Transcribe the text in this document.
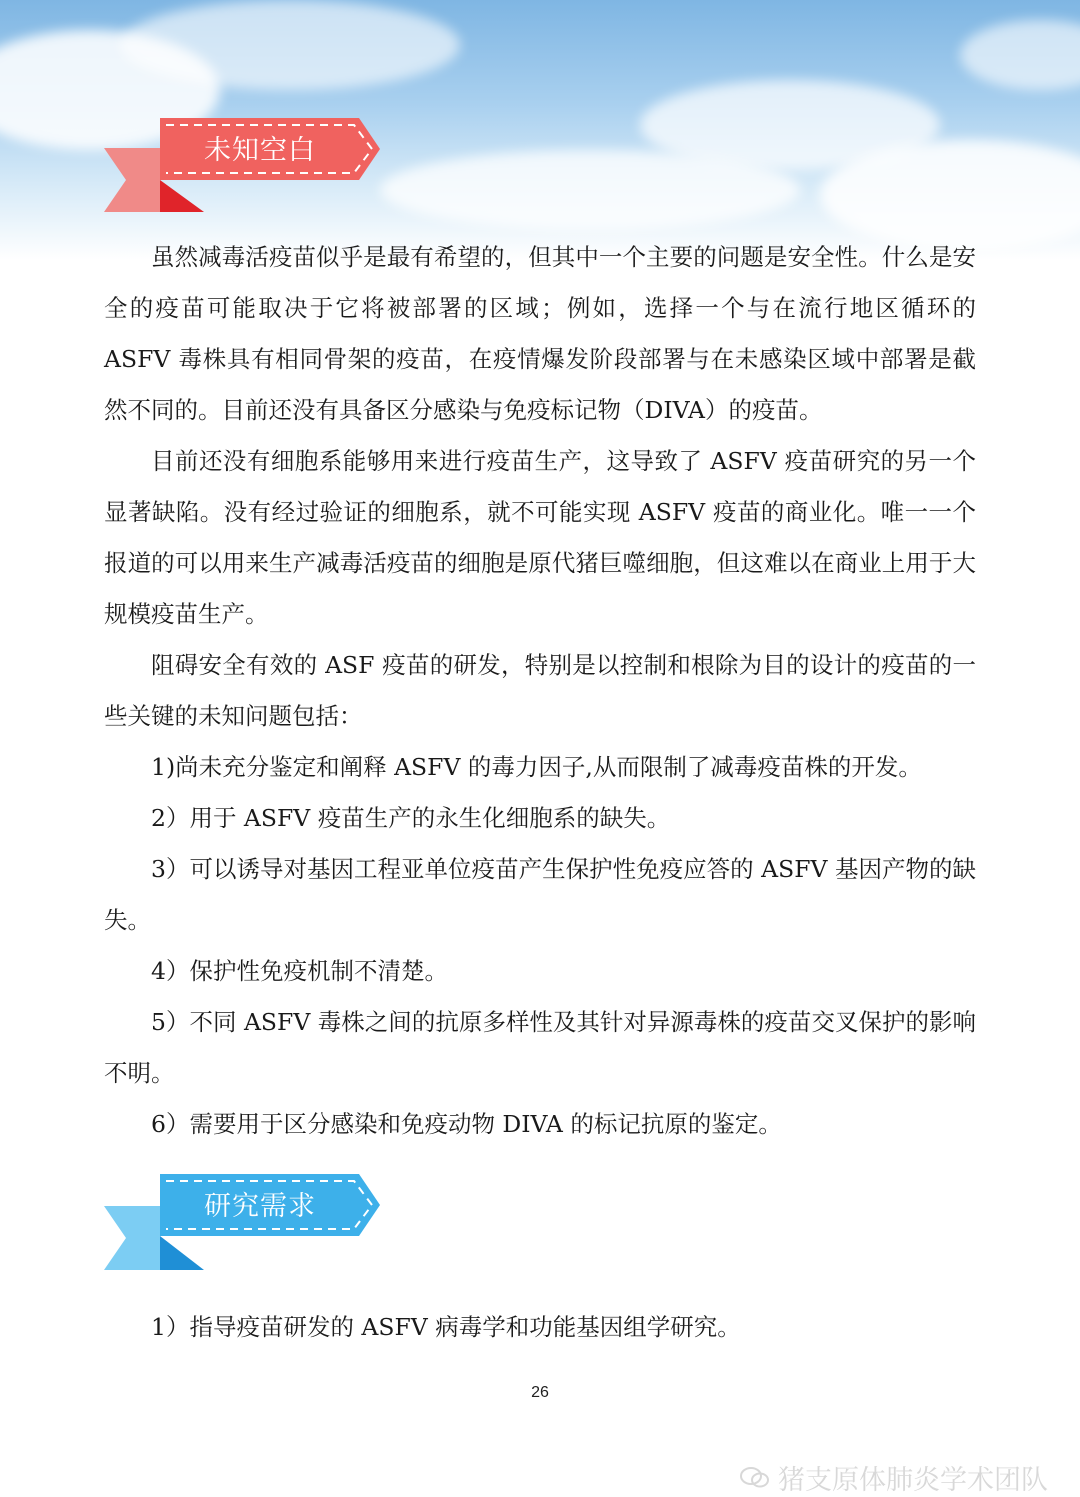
未知空白

虽然减毒活疫苗似乎是最有希望的，但其中一个主要的问题是安全性。什么是安全的疫苗可能取决于它将被部署的区域；例如，选择一个与在流行地区循环的 ASFV 毒株具有相同骨架的疫苗，在疫情爆发阶段部署与在未感染区域中部署是截然不同的。目前还没有具备区分感染与免疫标记物（DIVA）的疫苗。

目前还没有细胞系能够用来进行疫苗生产，这导致了 ASFV 疫苗研究的另一个显著缺陷。没有经过验证的细胞系，就不可能实现 ASFV 疫苗的商业化。唯一一个报道的可以用来生产减毒活疫苗的细胞是原代猪巨噬细胞，但这难以在商业上用于大规模疫苗生产。

阻碍安全有效的 ASF 疫苗的研发，特别是以控制和根除为目的设计的疫苗的一些关键的未知问题包括：

1)尚未充分鉴定和阐释 ASFV 的毒力因子,从而限制了减毒疫苗株的开发。

2）用于 ASFV 疫苗生产的永生化细胞系的缺失。

3）可以诱导对基因工程亚单位疫苗产生保护性免疫应答的 ASFV 基因产物的缺失。

4）保护性免疫机制不清楚。

5）不同 ASFV 毒株之间的抗原多样性及其针对异源毒株的疫苗交叉保护的影响不明。

6）需要用于区分感染和免疫动物 DIVA 的标记抗原的鉴定。

研究需求

1）指导疫苗研发的 ASFV 病毒学和功能基因组学研究。

26
猪支原体肺炎学术团队
